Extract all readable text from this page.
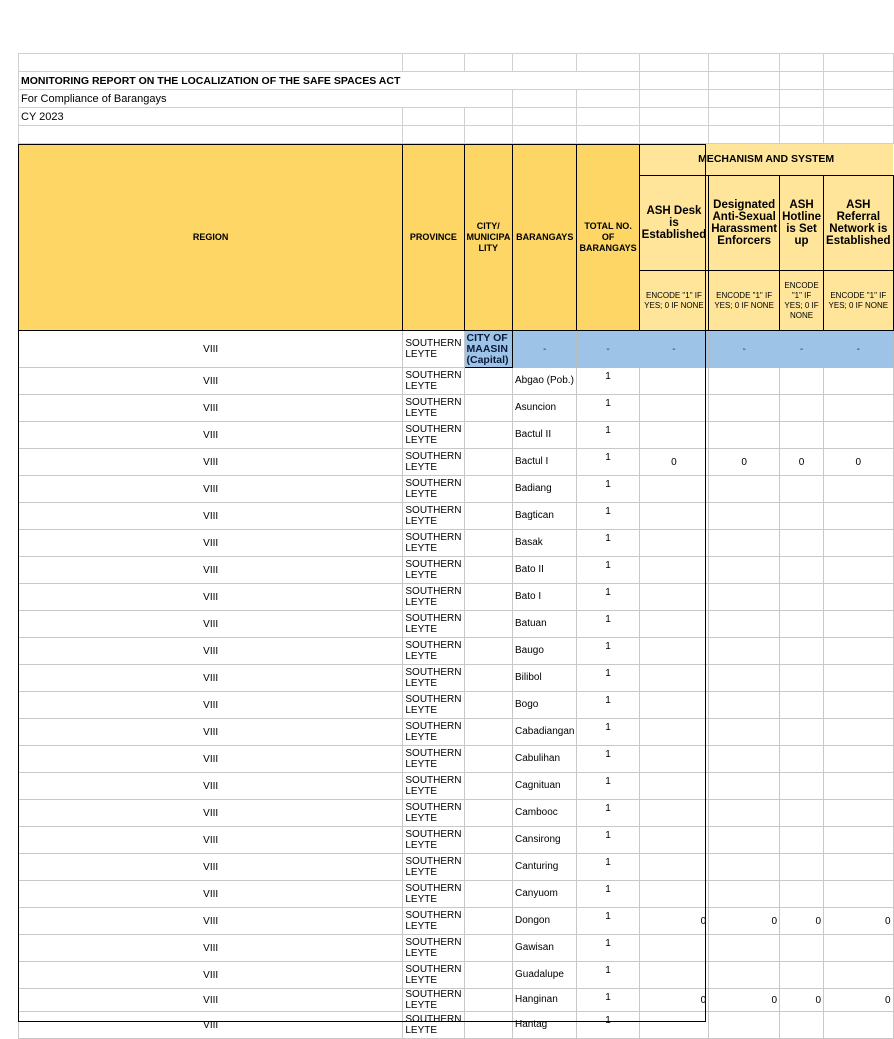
MONITORING REPORT ON THE LOCALIZATION OF THE SAFE SPACES ACT								
For Compliance of Barangays								
CY 2023								

REGION	PROVINCE	CITY/ MUNICIPA LITY	BARANGAYS	TOTAL NO. OF BARANGAYS	MECHANISM AND SYSTEM			
					ASH Desk is Established	Designated Anti-Sexual Harassment Enforcers	ASH Hotline is Set up	ASH Referral Network is Established
					ENCODE "1" IF YES; 0 IF NONE	ENCODE "1" IF YES; 0 IF NONE	ENCODE "1" IF YES; 0 IF NONE	ENCODE "1" IF YES; 0 IF NONE
VIII	SOUTHERN LEYTE	CITY OF MAASIN (Capital)	-	-	-	-	-	-
VIII	SOUTHERN LEYTE		Abgao (Pob.)	1				
VIII	SOUTHERN LEYTE		Asuncion	1				
VIII	SOUTHERN LEYTE		Bactul II	1				
VIII	SOUTHERN LEYTE		Bactul I	1	0	0	0	0
VIII	SOUTHERN LEYTE		Badiang	1				
VIII	SOUTHERN LEYTE		Bagtican	1				
VIII	SOUTHERN LEYTE		Basak	1				
VIII	SOUTHERN LEYTE		Bato II	1				
VIII	SOUTHERN LEYTE		Bato I	1				
VIII	SOUTHERN LEYTE		Batuan	1				
VIII	SOUTHERN LEYTE		Baugo	1				
VIII	SOUTHERN LEYTE		Bilibol	1				
VIII	SOUTHERN LEYTE		Bogo	1				
VIII	SOUTHERN LEYTE		Cabadiangan	1				
VIII	SOUTHERN LEYTE		Cabulihan	1				
VIII	SOUTHERN LEYTE		Cagnituan	1				
VIII	SOUTHERN LEYTE		Cambooc	1				
VIII	SOUTHERN LEYTE		Cansirong	1				
VIII	SOUTHERN LEYTE		Canturing	1				
VIII	SOUTHERN LEYTE		Canyuom	1				
VIII	SOUTHERN LEYTE		Dongon	1	0	0	0	0
VIII	SOUTHERN LEYTE		Gawisan	1				
VIII	SOUTHERN LEYTE		Guadalupe	1				
VIII	SOUTHERN LEYTE		Hanginan	1	0	0	0	0
VIII	SOUTHERN LEYTE		Hantag	1				
